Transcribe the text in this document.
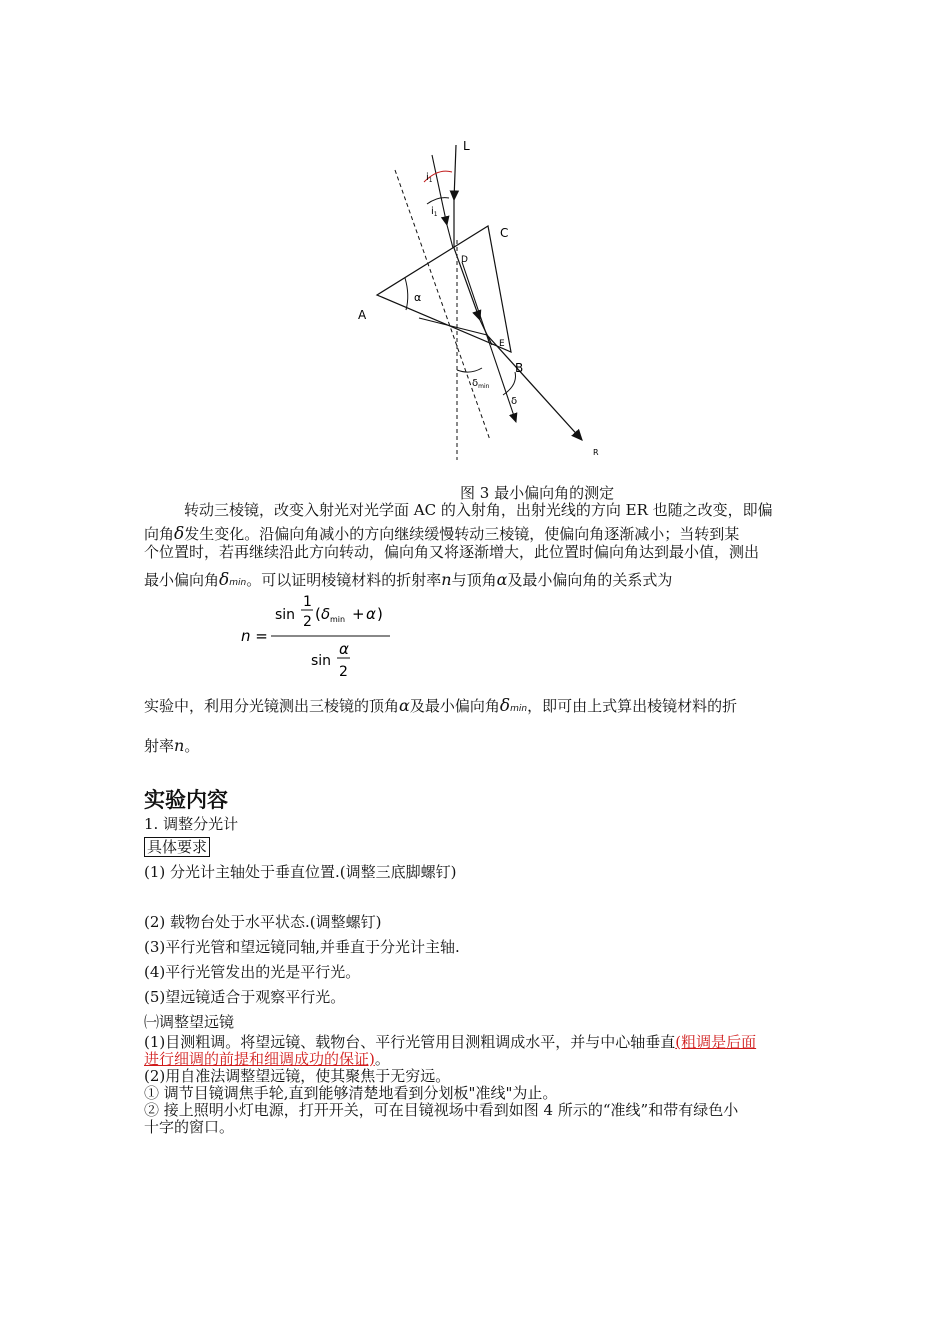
L
C
D
A
α
E
B
R
$i_1$
$i_1$
$\delta_{min}$
δ
图 3 最小偏向角的测定
转动三棱镜，改变入射光对光学面 AC 的入射角，出射光线的方向 ER 也随之改变，即偏
向角δ发生变化。沿偏向角减小的方向继续缓慢转动三棱镜，使偏向角逐渐减小；当转到某
个位置时，若再继续沿此方向转动，偏向角又将逐渐增大，此位置时偏向角达到最小值，测出
最小偏向角δmin。可以证明棱镜材料的折射率n与顶角α及最小偏向角的关系式为
n =
sin
1
2 ( δ min + α )
sin
α
2
实验中，利用分光镜测出三棱镜的顶角α及最小偏向角δmin，即可由上式算出棱镜材料的折
射率n。
实验内容
1. 调整分光计
具体要求
(1) 分光计主轴处于垂直位置.(调整三底脚螺钉)
(2) 载物台处于水平状态.(调整螺钉)
(3)平行光管和望远镜同轴,并垂直于分光计主轴.
(4)平行光管发出的光是平行光。
(5)望远镜适合于观察平行光。
㈠调整望远镜
(1)目测粗调。将望远镜、载物台、平行光管用目测粗调成水平，并与中心轴垂直(粗调是后面
进行细调的前提和细调成功的保证)。
(2)用自准法调整望远镜，使其聚焦于无穷远。
① 调节目镜调焦手轮,直到能够清楚地看到分划板"准线"为止。
② 接上照明小灯电源，打开开关，可在目镜视场中看到如图 4 所示的“准线”和带有绿色小
十字的窗口。
